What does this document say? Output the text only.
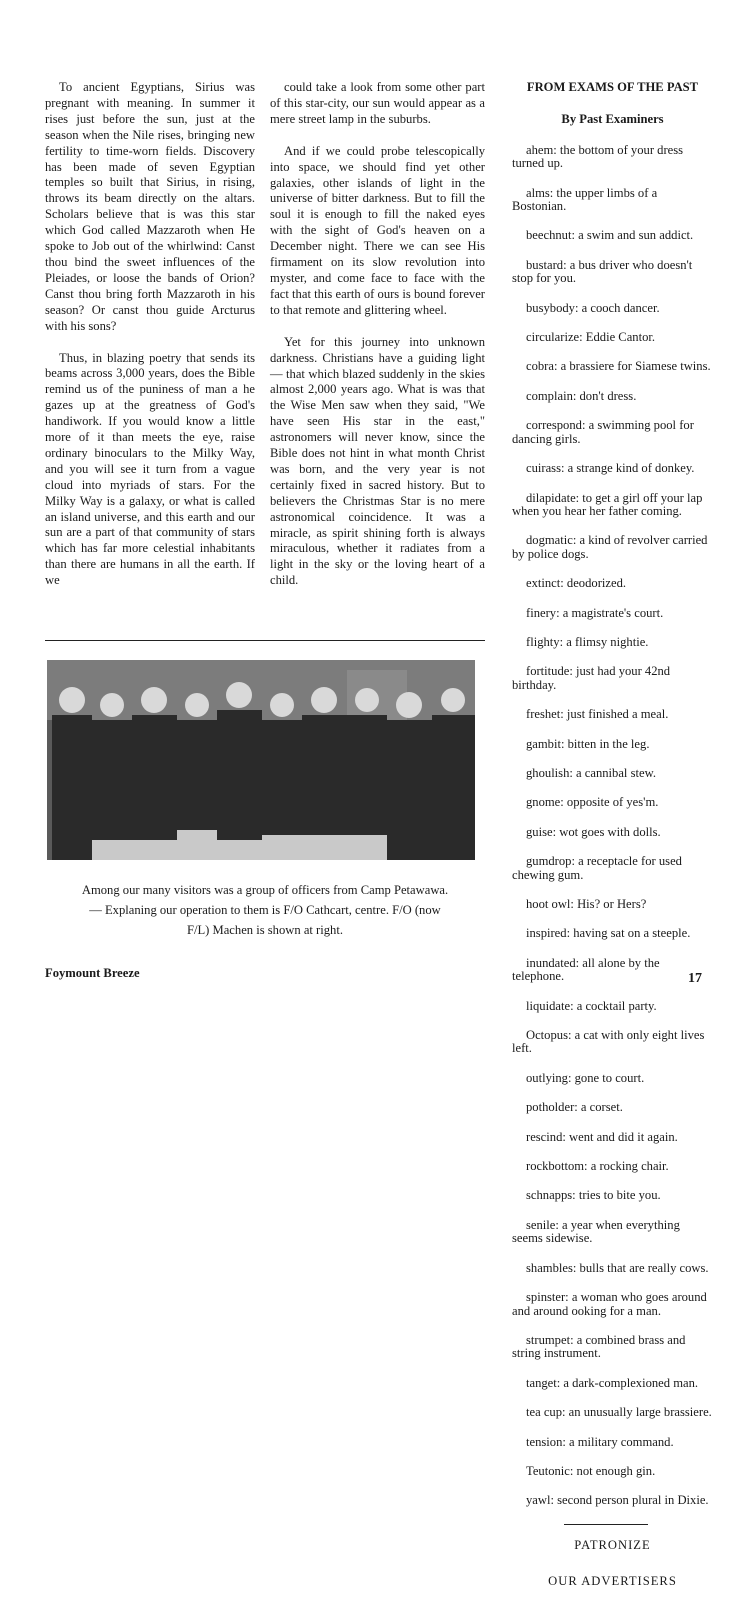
To ancient Egyptians, Sirius was pregnant with meaning. In summer it rises just before the sun, just at the season when the Nile rises, bringing new fertility to time-worn fields. Discovery has been made of seven Egyptian temples so built that Sirius, in rising, throws its beam directly on the altars. Scholars believe that is was this star which God called Mazzaroth when He spoke to Job out of the whirlwind: Canst thou bind the sweet influences of the Pleiades, or loose the bands of Orion? Canst thou bring forth Mazzaroth in his season? Or canst thou guide Arcturus with his sons?

Thus, in blazing poetry that sends its beams across 3,000 years, does the Bible remind us of the puniness of man a he gazes up at the greatness of God's handiwork. If you would know a little more of it than meets the eye, raise ordinary binoculars to the Milky Way, and you will see it turn from a vague cloud into myriads of stars. For the Milky Way is a galaxy, or what is called an island universe, and this earth and our sun are a part of that community of stars which has far more celestial inhabitants than there are humans in all the earth. If we

could take a look from some other part of this star-city, our sun would appear as a mere street lamp in the suburbs.

And if we could probe telescopically into space, we should find yet other galaxies, other islands of light in the universe of bitter darkness. But to fill the soul it is enough to fill the naked eyes with the sight of God's heaven on a December night. There we can see His firmament on its slow revolution into myster, and come face to face with the fact that this earth of ours is bound forever to that remote and glittering wheel.

Yet for this journey into unknown darkness. Christians have a guiding light — that which blazed suddenly in the skies almost 2,000 years ago. What is was that the Wise Men saw when they said, "We have seen His star in the east," astronomers will never know, since the Bible does not hint in what month Christ was born, and the very year is not certainly fixed in sacred history. But to believers the Christmas Star is no mere astronomical coincidence. It was a miracle, as spirit shining forth is always miraculous, whether it radiates from a light in the sky or the loving heart of a child.

Among our many visitors was a group of officers from Camp Petawawa. — Explaning our operation to them is F/O Cathcart, centre. F/O (now F/L) Machen is shown at right.

FROM EXAMS OF THE PAST

By Past Examiners

ahem: the bottom of your dress turned up.

alms: the upper limbs of a Bostonian.

beechnut: a swim and sun addict.

bustard: a bus driver who doesn't stop for you.

busybody: a cooch dancer.

circularize: Eddie Cantor.

cobra: a brassiere for Siamese twins.

complain: don't dress.

correspond: a swimming pool for dancing girls.

cuirass: a strange kind of donkey.

dilapidate: to get a girl off your lap when you hear her father coming.

dogmatic: a kind of revolver carried by police dogs.

extinct: deodorized.

finery: a magistrate's court.

flighty: a flimsy nightie.

fortitude: just had your 42nd birthday.

freshet: just finished a meal.

gambit: bitten in the leg.

ghoulish: a cannibal stew.

gnome: opposite of yes'm.

guise: wot goes with dolls.

gumdrop: a receptacle for used chewing gum.

hoot owl: His? or Hers?

inspired: having sat on a steeple.

inundated: all alone by the telephone.

liquidate: a cocktail party.

Octopus: a cat with only eight lives left.

outlying: gone to court.

potholder: a corset.

rescind: went and did it again.

rockbottom: a rocking chair.

schnapps: tries to bite you.

senile: a year when everything seems sidewise.

shambles: bulls that are really cows.

spinster: a woman who goes around and around ooking for a man.

strumpet: a combined brass and string instrument.

tanget: a dark-complexioned man.

tea cup: an unusually large brassiere.

tension: a military command.

Teutonic: not enough gin.

yawl: second person plural in Dixie.

PATRONIZE

OUR ADVERTISERS

Foymount Breeze	17
